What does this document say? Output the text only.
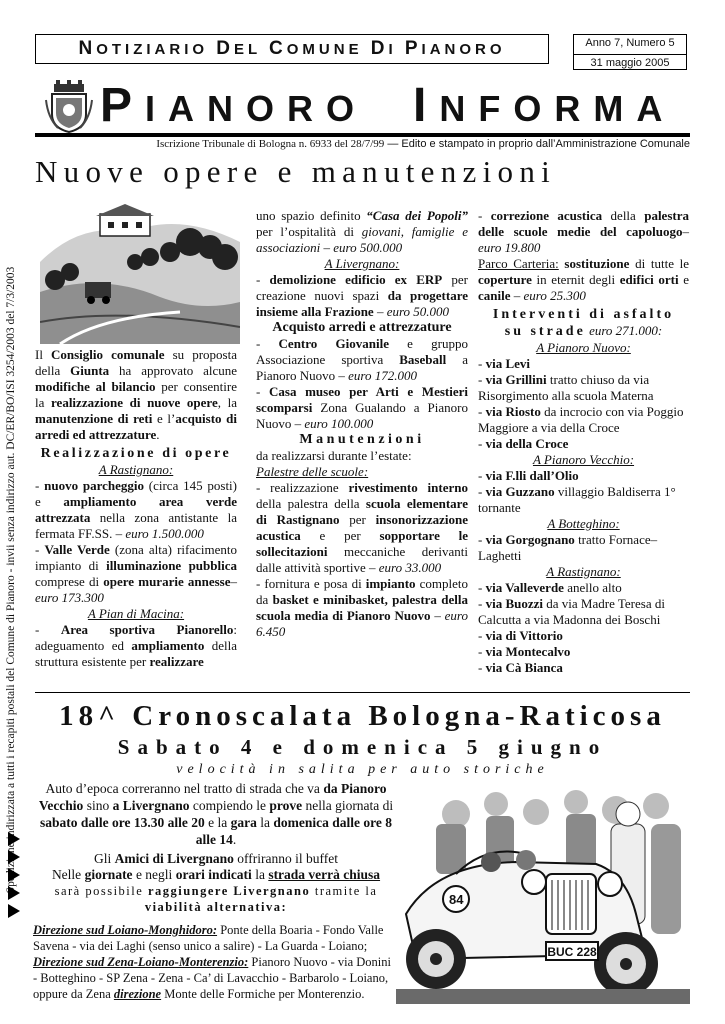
Spedizione indirizzata a tutti i recapiti postali del Comune di Pianoro - invii senza indirizzo aut. DC/ER/BO/ISI 3254/2003 del 7/3/2003
NOTIZIARIO DEL COMUNE DI PIANORO	Anno 7, Numero 5
31 maggio 2005
PIANORO INFORMA
Iscrizione Tribunale di Bologna n. 6933 del 28/7/99 — Edito e stampato in proprio dall’Amministrazione Comunale
Nuove opere e manutenzioni

Il Consiglio comunale su proposta della Giunta ha approvato alcune modifiche al bilancio per consentire la realizzazione di nuove opere, la manutenzione di reti e l’acquisto di arredi ed attrezzature.

Realizzazione di opere
A Rastignano:

- nuovo parcheggio (circa 145 posti) e ampliamento area verde attrezzata nella zona antistante la fermata FF.SS. – euro 1.500.000

- Valle Verde (zona alta) rifacimento impianto di illuminazione pubblica comprese di opere murarie annesse– euro 173.300

A Pian di Macina:

- Area sportiva Pianorello: adeguamento ed ampliamento della struttura esistente per realizzare

uno spazio definito “Casa dei Popoli” per l’ospitalità di giovani, famiglie e associazioni – euro 500.000

A Livergnano:

- demolizione edificio ex ERP per creazione nuovi spazi da progettare insieme alla Frazione – euro 50.000

Acquisto arredi e attrezzature

- Centro Giovanile e gruppo Associazione sportiva Baseball a Pianoro Nuovo – euro 172.000

- Casa museo per Arti e Mestieri scomparsi Zona Gualando a Pianoro Nuovo – euro 100.000

Manutenzioni

da realizzarsi durante l’estate:

Palestre delle scuole:

- realizzazione rivestimento interno della palestra della scuola elementare di Rastignano per insonorizzazione acustica e per sopportare le sollecitazioni meccaniche derivanti dalle attività sportive – euro 33.000

- fornitura e posa di impianto completo da basket e minibasket, palestra della scuola media di Pianoro Nuovo – euro 6.450

- correzione acustica della palestra delle scuole medie del capoluogo– euro 19.800

Parco Carteria: sostituzione di tutte le coperture in eternit degli edifici orti e canile – euro 25.300

Interventi di asfalto
su strade euro 271.000:
A Pianoro Nuovo:
- via Levi
- via Grillini tratto chiuso da via Risorgimento alla scuola Materna
- via Riosto da incrocio con via Poggio Maggiore a via della Croce
- via della Croce
A Pianoro Vecchio:
- via F.lli dall’Olio
- via Guzzano villaggio Baldiserra 1° tornante
A Botteghino:
- via Gorgognano tratto Fornace–Laghetti
A Rastignano:
- via Valleverde anello alto
- via Buozzi da via Madre Teresa di Calcutta a via Madonna dei Boschi
- via di Vittorio
- via Montecalvo
- via Cà Bianca
18^ Cronoscalata Bologna-Raticosa
Sabato 4 e domenica 5 giugno
velocità in salita per auto storiche
Auto d’epoca correranno nel tratto di strada che va da Pianoro Vecchio sino a Livergnano compiendo le prove nella giornata di sabato dalle ore 13.30 alle 20 e la gara la domenica dalle ore 8 alle 14.
Gli Amici di Livergnano offriranno il buffet
Nelle giornate e negli orari indicati la strada verrà chiusa
sarà possibile raggiungere Livergnano tramite la viabilità alternativa:
Direzione sud Loiano-Monghidoro: Ponte della Boaria - Fondo Valle Savena - via dei Laghi (senso unico a salire) - La Guarda - Loiano; Direzione sud Zena-Loiano-Monterenzio: Pianoro Nuovo - via Donini - Botteghino - SP Zena - Zena - Ca’ di Lavacchio - Barbarolo - Loiano, oppure da Zena direzione Monte delle Formiche per Monterenzio.
84
BUC 228
